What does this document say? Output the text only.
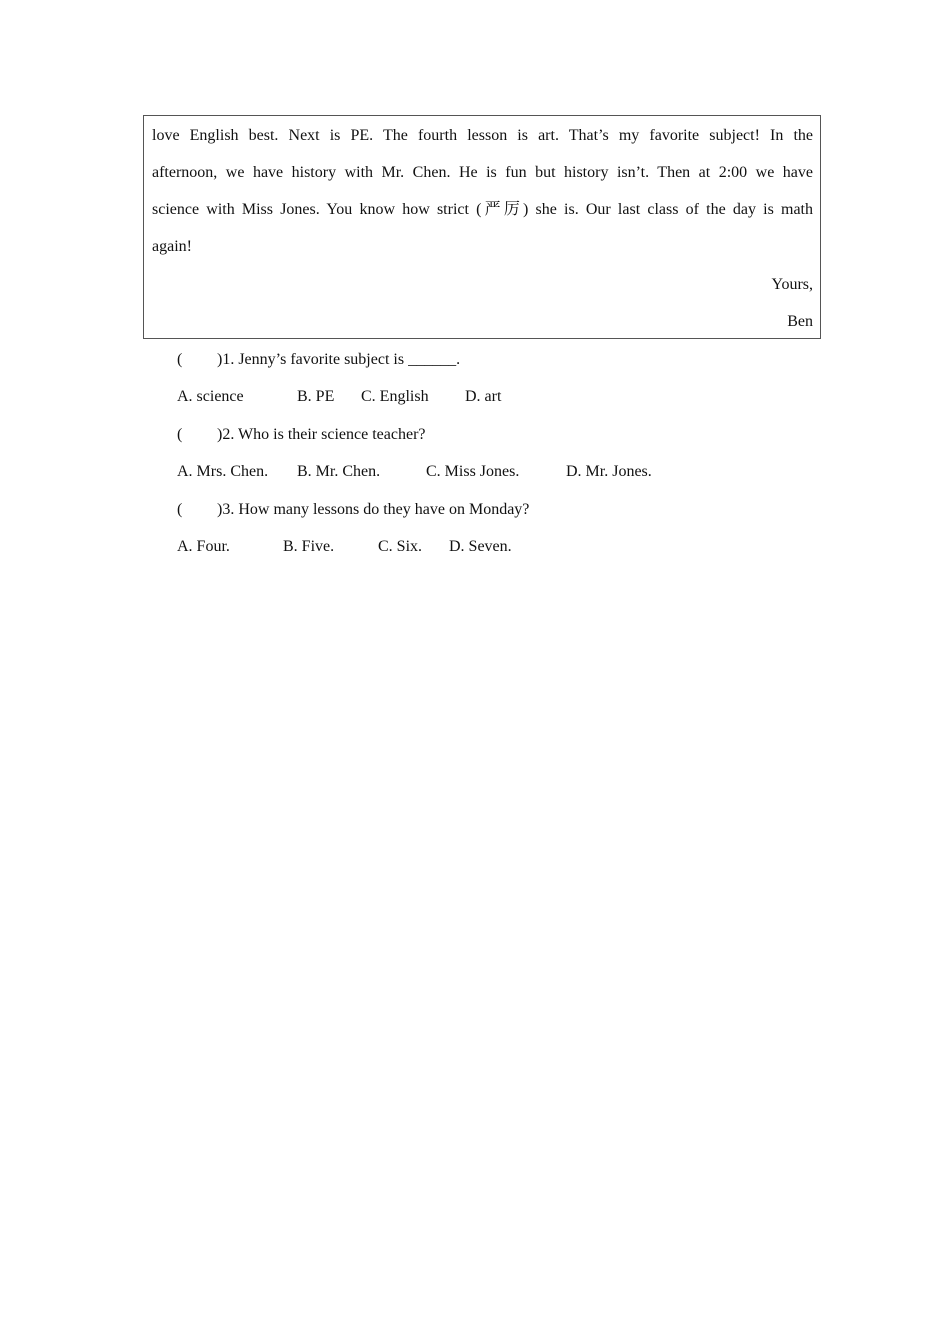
love English best. Next is PE. The fourth lesson is art. That’s my favorite subject! In the
afternoon, we have history with Mr. Chen. He is fun but history isn’t. Then at 2:00 we have
science with Miss Jones. You know how strict (严厉) she is. Our last class of the day is math
again!
Yours,
Ben
( )1. Jenny’s favorite subject is ______.
A. science	B. PE C. English D. art
( )2. Who is their science teacher?
A. Mrs. Chen. B. Mr. Chen.	C. Miss Jones.	D. Mr. Jones.
( )3. How many lessons do they have on Monday?
A. Four.	B. Five.	C. Six. D. Seven.
